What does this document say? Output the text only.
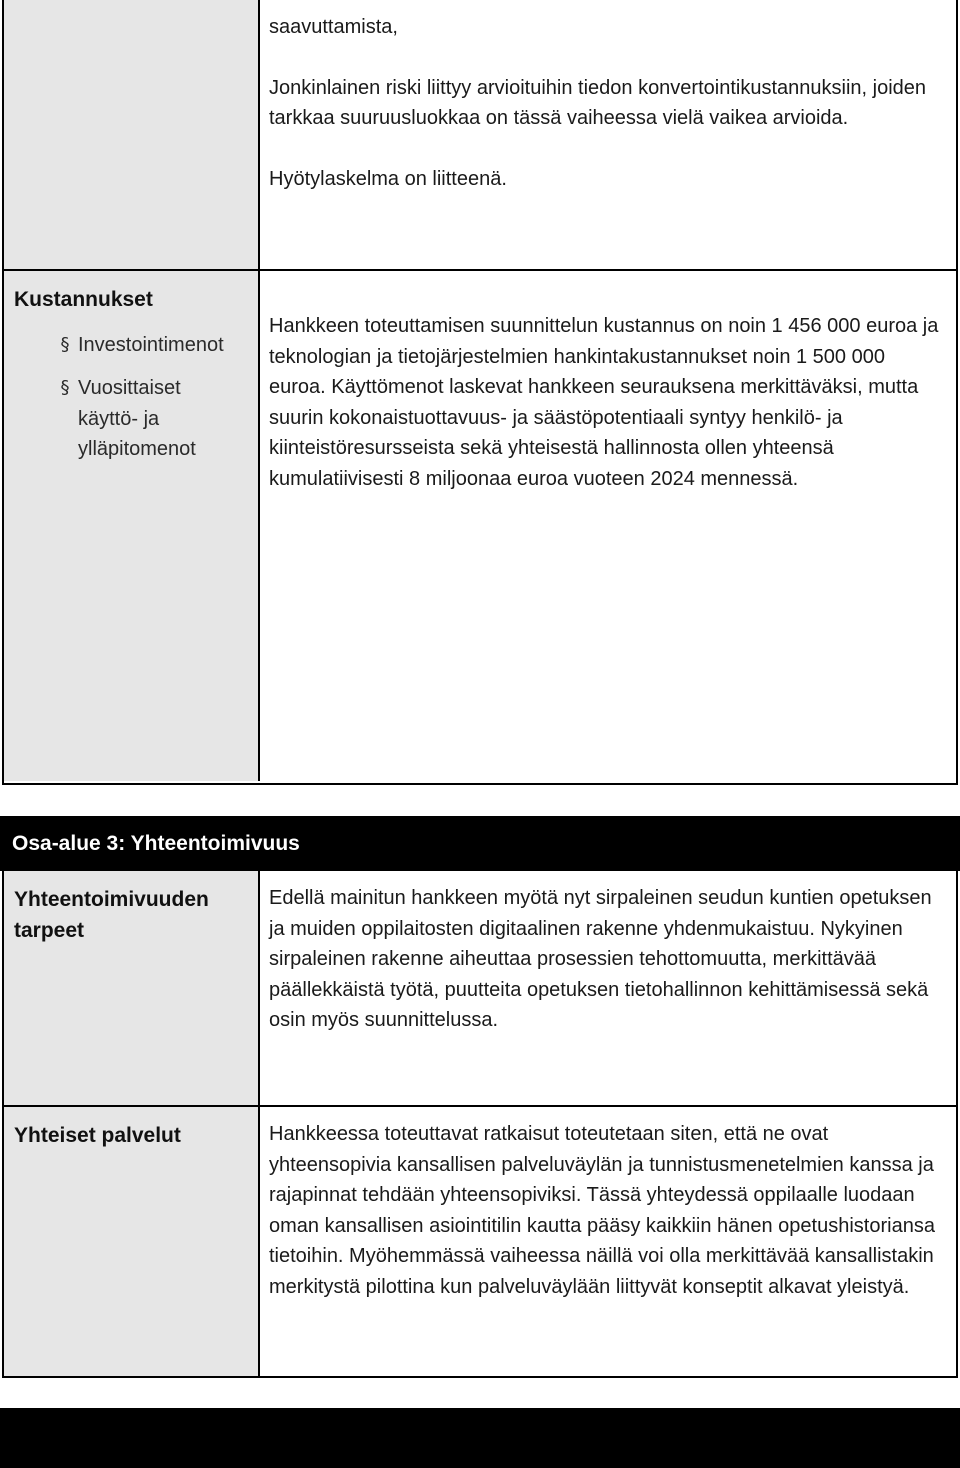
saavuttamista,

Jonkinlainen riski liittyy arvioituihin tiedon konvertointikustannuksiin, joiden tarkkaa suuruusluokkaa on tässä vaiheessa vielä vaikea arvioida.

Hyötylaskelma on liitteenä.

Kustannukset
§ Investointimenot
§ Vuosittaiset käyttö- ja ylläpitomenot

Hankkeen toteuttamisen suunnittelun kustannus on noin 1 456 000 euroa ja teknologian ja tietojärjestelmien hankintakustannukset noin 1 500 000 euroa. Käyttömenot laskevat hankkeen seurauksena merkittäväksi, mutta suurin kokonaistuottavuus- ja säästöpotentiaali syntyy henkilö- ja kiinteistöresursseista sekä yhteisestä hallinnosta ollen yhteensä kumulatiivisesti 8 miljoonaa euroa vuoteen 2024 mennessä.

Osa-alue 3: Yhteentoimivuus
Yhteentoimivuuden tarpeet

Edellä mainitun hankkeen myötä nyt sirpaleinen seudun kuntien opetuksen ja muiden oppilaitosten digitaalinen rakenne yhdenmukaistuu. Nykyinen sirpaleinen rakenne aiheuttaa prosessien tehottomuutta, merkittävää päällekkäistä työtä, puutteita opetuksen tietohallinnon kehittämisessä sekä osin myös suunnittelussa.

Yhteiset palvelut	Hankkeessa toteuttavat ratkaisut toteutetaan siten, että ne ovat yhteensopivia kansallisen palveluväylän ja tunnistusmenetelmien kanssa ja rajapinnat tehdään yhteensopiviksi. Tässä yhteydessä oppilaalle luodaan oman kansallisen asiointitilin kautta pääsy kaikkiin hänen opetushistoriansa tietoihin. Myöhemmässä vaiheessa näillä voi olla merkittävää kansallistakin merkitystä pilottina kun palveluväylään liittyvät konseptit alkavat yleistyä.
